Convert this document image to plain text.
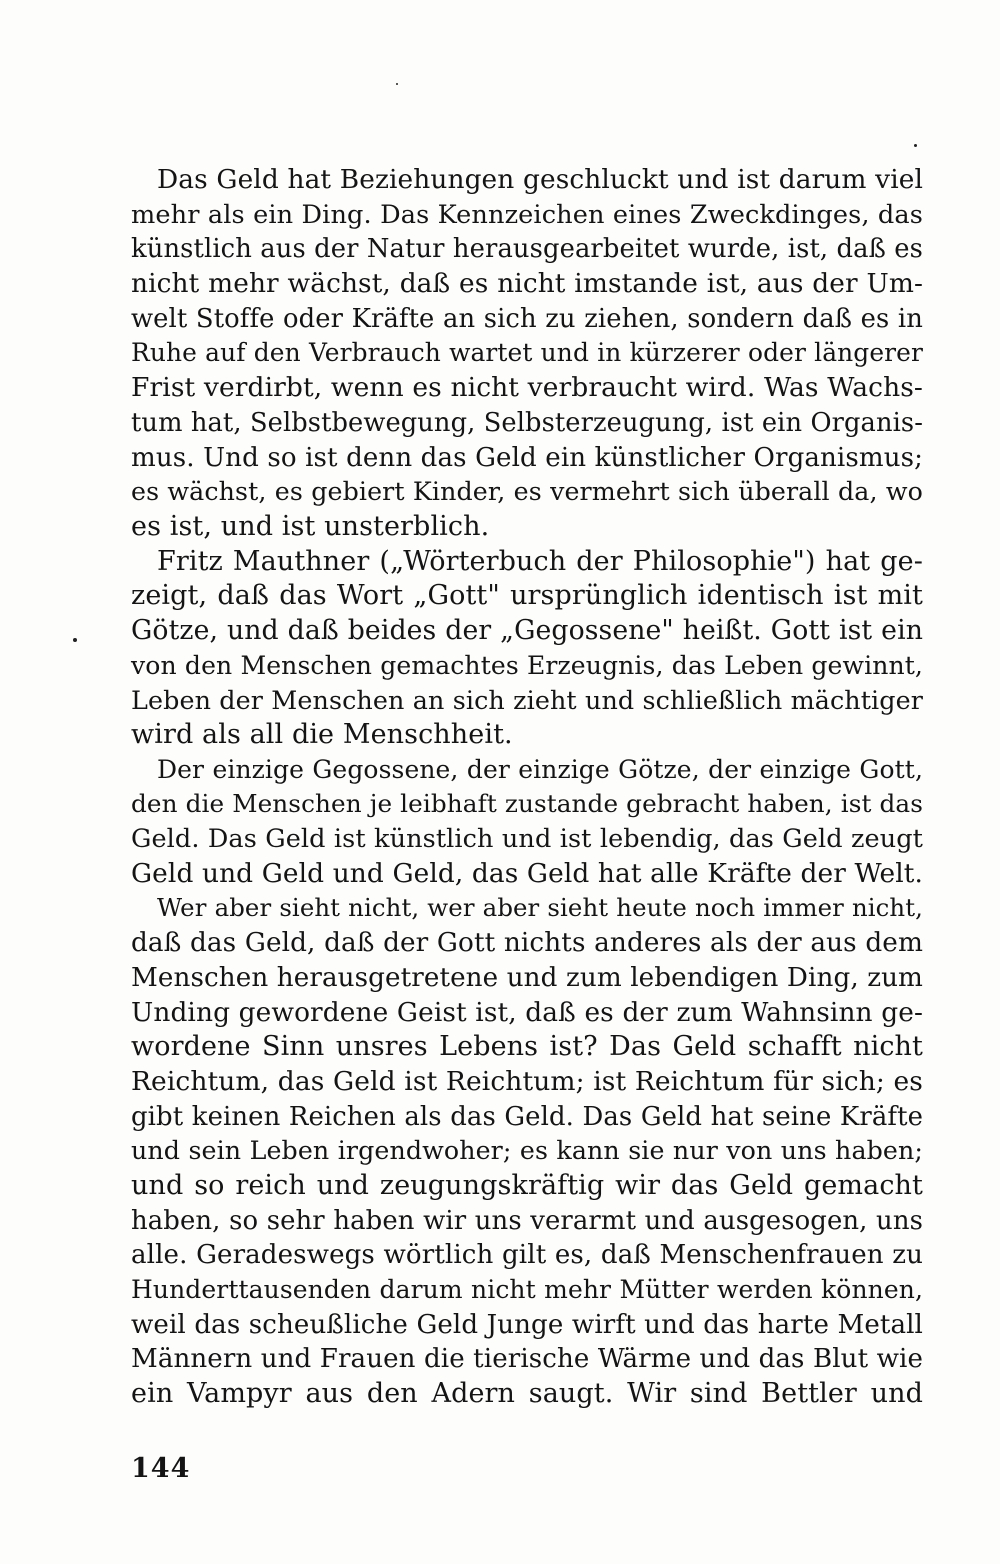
Das Geld hat Beziehungen geschluckt und ist darum viel
mehr als ein Ding. Das Kennzeichen eines Zweckdinges, das
künstlich aus der Natur herausgearbeitet wurde, ist, daß es
nicht mehr wächst, daß es nicht imstande ist, aus der Um-
welt Stoffe oder Kräfte an sich zu ziehen, sondern daß es in
Ruhe auf den Verbrauch wartet und in kürzerer oder längerer
Frist verdirbt, wenn es nicht verbraucht wird. Was Wachs-
tum hat, Selbstbewegung, Selbsterzeugung, ist ein Organis-
mus. Und so ist denn das Geld ein künstlicher Organismus;
es wächst, es gebiert Kinder, es vermehrt sich überall da, wo
es ist, und ist unsterblich.
Fritz Mauthner („Wörterbuch der Philosophie") hat ge-
zeigt, daß das Wort „Gott" ursprünglich identisch ist mit
Götze, und daß beides der „Gegossene" heißt. Gott ist ein
von den Menschen gemachtes Erzeugnis, das Leben gewinnt,
Leben der Menschen an sich zieht und schließlich mächtiger
wird als all die Menschheit.
Der einzige Gegossene, der einzige Götze, der einzige Gott,
den die Menschen je leibhaft zustande gebracht haben, ist das
Geld. Das Geld ist künstlich und ist lebendig, das Geld zeugt
Geld und Geld und Geld, das Geld hat alle Kräfte der Welt.
Wer aber sieht nicht, wer aber sieht heute noch immer nicht,
daß das Geld, daß der Gott nichts anderes als der aus dem
Menschen herausgetretene und zum lebendigen Ding, zum
Unding gewordene Geist ist, daß es der zum Wahnsinn ge-
wordene Sinn unsres Lebens ist? Das Geld schafft nicht
Reichtum, das Geld ist Reichtum; ist Reichtum für sich; es
gibt keinen Reichen als das Geld. Das Geld hat seine Kräfte
und sein Leben irgendwoher; es kann sie nur von uns haben;
und so reich und zeugungskräftig wir das Geld gemacht
haben, so sehr haben wir uns verarmt und ausgesogen, uns
alle. Geradeswegs wörtlich gilt es, daß Menschenfrauen zu
Hunderttausenden darum nicht mehr Mütter werden können,
weil das scheußliche Geld Junge wirft und das harte Metall
Männern und Frauen die tierische Wärme und das Blut wie
ein Vampyr aus den Adern saugt. Wir sind Bettler und
144
